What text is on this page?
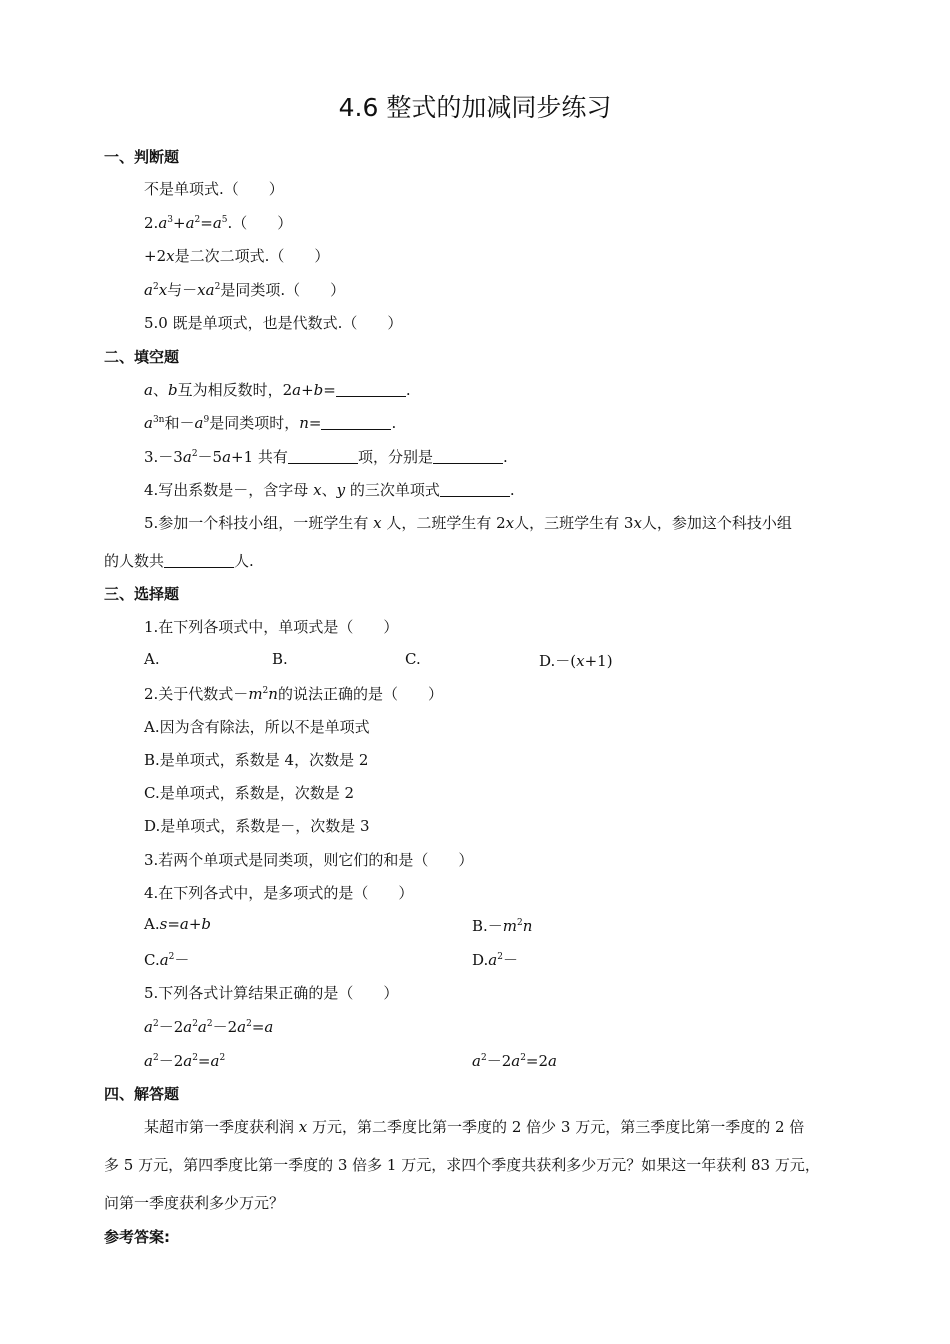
4.6 整式的加减同步练习
一、判断题
不是单项式.（　　）
$2.a^3+a^2=a^5$.（　　）
+2x是二次二项式.（　　）
$a^2x$与$-xa^2$是同类项.（　　）
5.0 既是单项式，也是代数式.（　　）
二、填空题
a、b互为相反数时，2a+b=	.
$a^{3n}$和$-a^9$是同类项时，n=	.
$3.-3a^2-5a+1$ 共有	项，分别是	.
4.写出系数是－，含字母 x、y 的三次单项式	.
5.参加一个科技小组，一班学生有 x 人，二班学生有 2x人，三班学生有 3x人，参加这个科技小组
的人数共	人.
三、选择题
1.在下列各项式中，单项式是（　　）
A.	B.	C.	D.－(x+1)
2.关于代数式$-m^2n$的说法正确的是（　　）
A.因为含有除法，所以不是单项式
B.是单项式，系数是 4，次数是 2
C.是单项式，系数是，次数是 2
D.是单项式，系数是－，次数是 3
3.若两个单项式是同类项，则它们的和是（　　）
4.在下列各式中，是多项式的是（　　）
A.s=a+b	$B.-m^2n$
$C.a^2-$	$D.a^2-$
5.下列各式计算结果正确的是（　　）
$a^2-2a^2a^2-2a^2=a$
$a^2-2a^2=a^2$	$a^2-2a^2=2a$
四、解答题
某超市第一季度获利润 x 万元，第二季度比第一季度的 2 倍少 3 万元，第三季度比第一季度的 2 倍
多 5 万元，第四季度比第一季度的 3 倍多 1 万元，求四个季度共获利多少万元？如果这一年获利 83 万元，
问第一季度获利多少万元？
参考答案:
